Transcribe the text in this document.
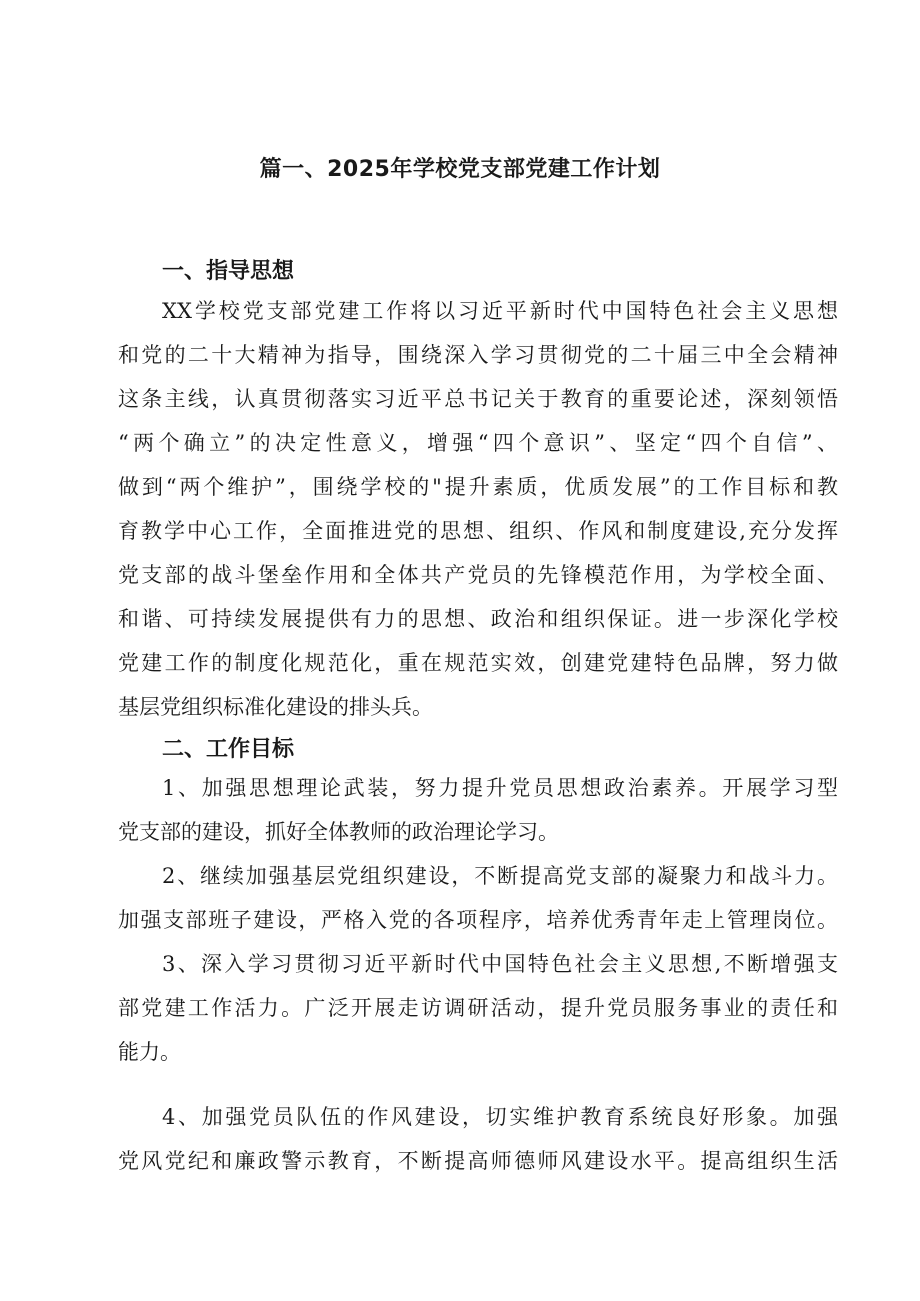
篇一、2025年学校党支部党建工作计划
一、指导思想
XX学校党支部党建工作将以习近平新时代中国特色社会主义思想
和党的二十大精神为指导，围绕深入学习贯彻党的二十届三中全会精神
这条主线，认真贯彻落实习近平总书记关于教育的重要论述，深刻领悟
“两个确立”的决定性意义，增强“四个意识”、坚定“四个自信”、
做到“两个维护”，围绕学校的"提升素质，优质发展”的工作目标和教
育教学中心工作，全面推进党的思想、组织、作风和制度建设,充分发挥
党支部的战斗堡垒作用和全体共产党员的先锋模范作用，为学校全面、
和谐、可持续发展提供有力的思想、政治和组织保证。进一步深化学校
党建工作的制度化规范化，重在规范实效，创建党建特色品牌，努力做
基层党组织标准化建设的排头兵。
二、工作目标
1、加强思想理论武装，努力提升党员思想政治素养。开展学习型
党支部的建设，抓好全体教师的政治理论学习。
2、继续加强基层党组织建设，不断提高党支部的凝聚力和战斗力。
加强支部班子建设，严格入党的各项程序，培养优秀青年走上管理岗位。
3、深入学习贯彻习近平新时代中国特色社会主义思想,不断增强支
部党建工作活力。广泛开展走访调研活动，提升党员服务事业的责任和
能力。
4、加强党员队伍的作风建设，切实维护教育系统良好形象。加强
党风党纪和廉政警示教育，不断提高师德师风建设水平。提高组织生活
